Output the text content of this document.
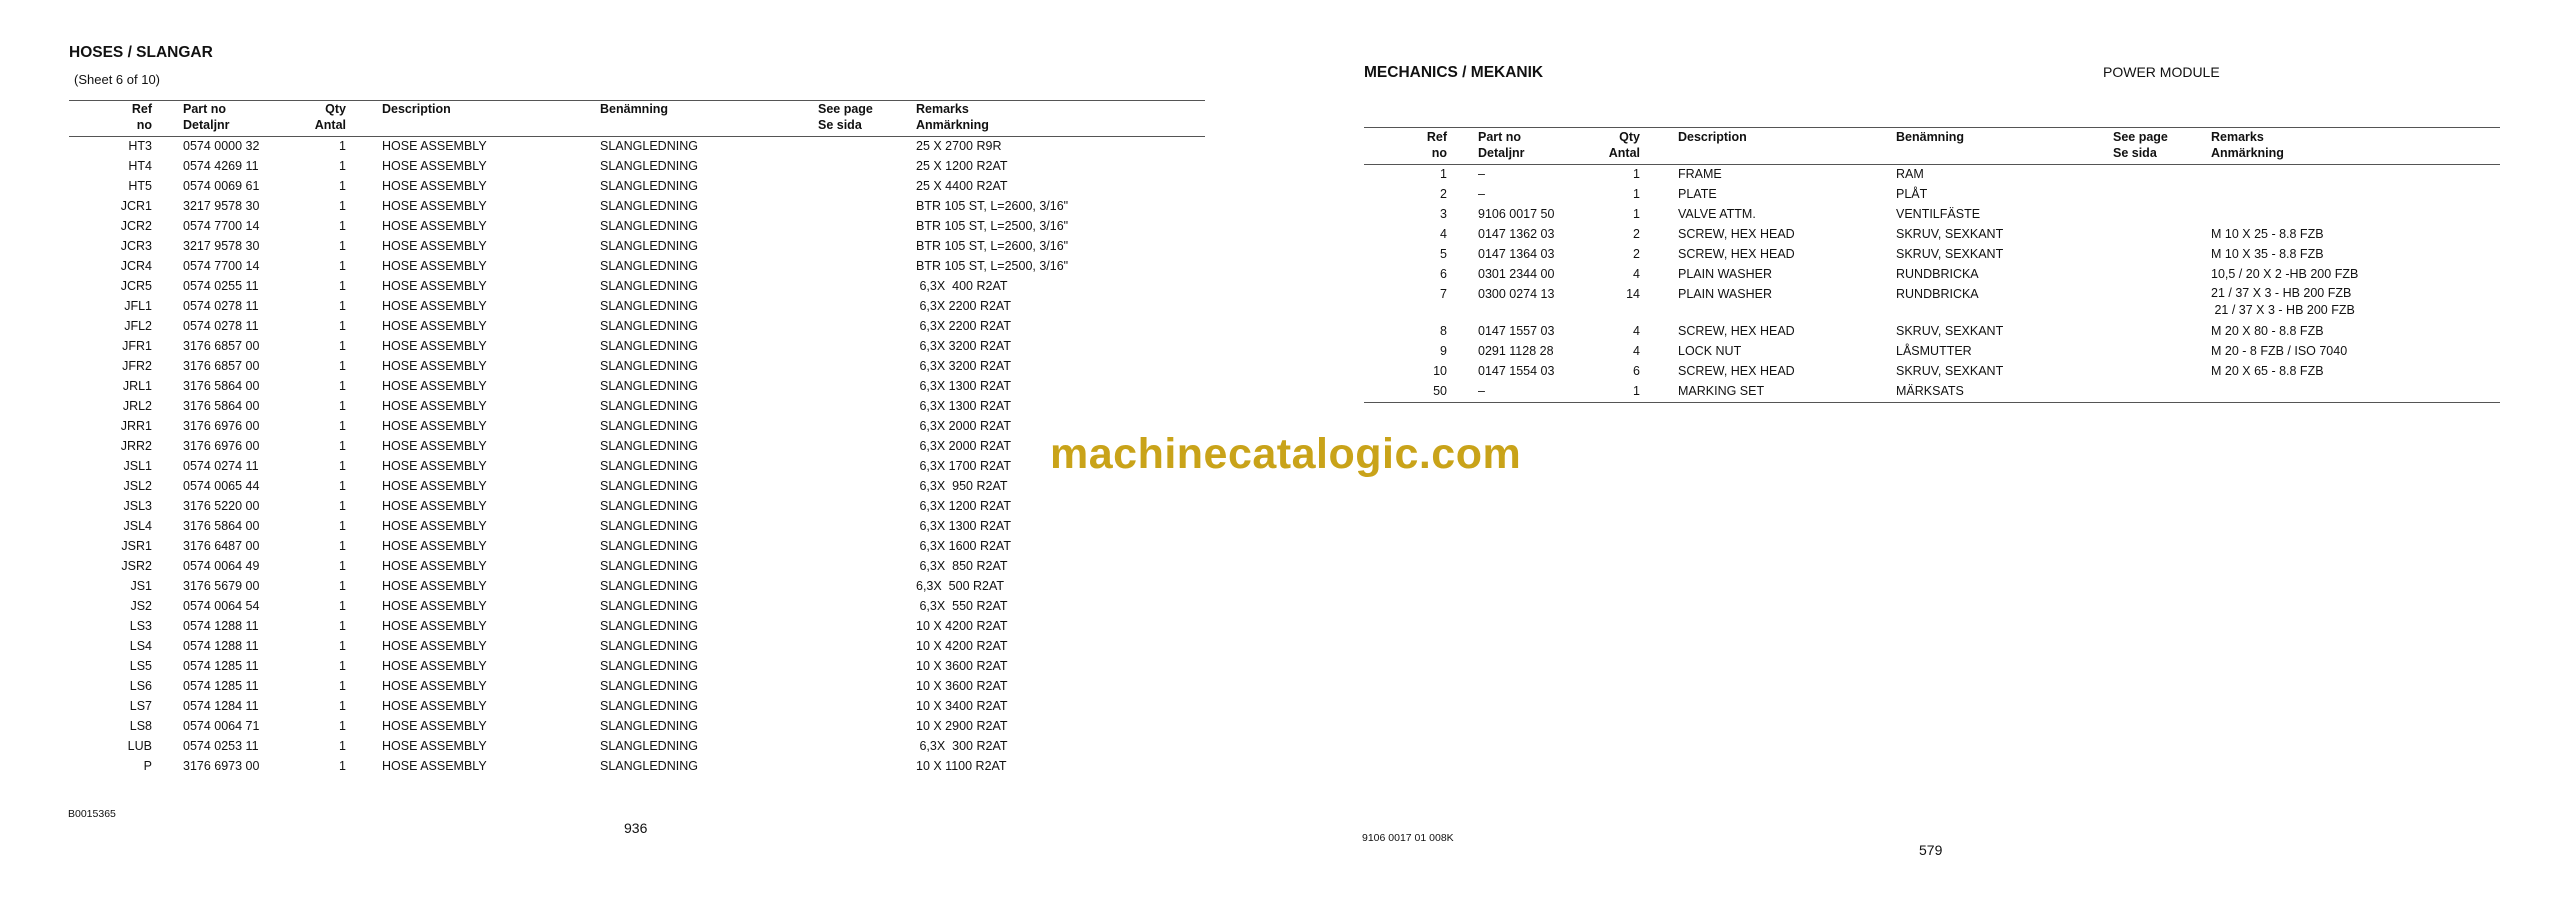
HOSES / SLANGAR
(Sheet 6 of 10)
Ref
no
Part no
Detaljnr
Qty
Antal
Description	Benämning	See page
Se sida
Remarks
Anmärkning
HT3 0574 0000 32	1	HOSE ASSEMBLY	SLANGLEDNING	25 X 2700 R9R
HT4 0574 4269 11	1	HOSE ASSEMBLY	SLANGLEDNING	25 X 1200 R2AT
HT5 0574 0069 61	1	HOSE ASSEMBLY	SLANGLEDNING	25 X 4400 R2AT
JCR1 3217 9578 30	1	HOSE ASSEMBLY	SLANGLEDNING	BTR 105 ST, L=2600, 3/16"
JCR2 0574 7700 14	1	HOSE ASSEMBLY	SLANGLEDNING	BTR 105 ST, L=2500, 3/16"
JCR3 3217 9578 30	1	HOSE ASSEMBLY	SLANGLEDNING	BTR 105 ST, L=2600, 3/16"
JCR4 0574 7700 14	1	HOSE ASSEMBLY	SLANGLEDNING	BTR 105 ST, L=2500, 3/16"
JCR5 0574 0255 11	1	HOSE ASSEMBLY	SLANGLEDNING	6,3X  400 R2AT
JFL1 0574 0278 11	1	HOSE ASSEMBLY	SLANGLEDNING	6,3X 2200 R2AT
JFL2 0574 0278 11	1	HOSE ASSEMBLY	SLANGLEDNING	6,3X 2200 R2AT
JFR1 3176 6857 00	1	HOSE ASSEMBLY	SLANGLEDNING	6,3X 3200 R2AT
JFR2 3176 6857 00	1	HOSE ASSEMBLY	SLANGLEDNING	6,3X 3200 R2AT
JRL1 3176 5864 00	1	HOSE ASSEMBLY	SLANGLEDNING	6,3X 1300 R2AT
JRL2 3176 5864 00	1	HOSE ASSEMBLY	SLANGLEDNING	6,3X 1300 R2AT
JRR1 3176 6976 00	1	HOSE ASSEMBLY	SLANGLEDNING	6,3X 2000 R2AT
JRR2 3176 6976 00	1	HOSE ASSEMBLY	SLANGLEDNING	6,3X 2000 R2AT
JSL1 0574 0274 11	1	HOSE ASSEMBLY	SLANGLEDNING	6,3X 1700 R2AT
JSL2 0574 0065 44	1	HOSE ASSEMBLY	SLANGLEDNING	6,3X  950 R2AT
JSL3 3176 5220 00	1	HOSE ASSEMBLY	SLANGLEDNING	6,3X 1200 R2AT
JSL4 3176 5864 00	1	HOSE ASSEMBLY	SLANGLEDNING	6,3X 1300 R2AT
JSR1 3176 6487 00	1	HOSE ASSEMBLY	SLANGLEDNING	6,3X 1600 R2AT
JSR2 0574 0064 49	1	HOSE ASSEMBLY	SLANGLEDNING	6,3X  850 R2AT
JS1 3176 5679 00	1	HOSE ASSEMBLY	SLANGLEDNING	6,3X  500 R2AT
JS2 0574 0064 54	1	HOSE ASSEMBLY	SLANGLEDNING	6,3X  550 R2AT
LS3 0574 1288 11	1	HOSE ASSEMBLY	SLANGLEDNING	10 X 4200 R2AT
LS4 0574 1288 11	1	HOSE ASSEMBLY	SLANGLEDNING	10 X 4200 R2AT
LS5 0574 1285 11	1	HOSE ASSEMBLY	SLANGLEDNING	10 X 3600 R2AT
LS6 0574 1285 11	1	HOSE ASSEMBLY	SLANGLEDNING	10 X 3600 R2AT
LS7 0574 1284 11	1	HOSE ASSEMBLY	SLANGLEDNING	10 X 3400 R2AT
LS8 0574 0064 71	1	HOSE ASSEMBLY	SLANGLEDNING	10 X 2900 R2AT
LUB 0574 0253 11	1	HOSE ASSEMBLY	SLANGLEDNING	6,3X  300 R2AT
P 3176 6973 00	1	HOSE ASSEMBLY	SLANGLEDNING	10 X 1100 R2AT
B0015365
936
MECHANICS / MEKANIK	POWER MODULE
Ref
no
Part no
Detaljnr
Qty
Antal
Description	Benämning	See page
Se sida
Remarks
Anmärkning
1 –	1	FRAME	RAM
2 –	1	PLATE	PLÅT
3 9106 0017 50	1	VALVE ATTM.	VENTILFÄSTE
4 0147 1362 03	2	SCREW, HEX HEAD	SKRUV, SEXKANT	M 10 X 25 - 8.8 FZB
5 0147 1364 03	2	SCREW, HEX HEAD	SKRUV, SEXKANT	M 10 X 35 - 8.8 FZB
6 0301 2344 00	4	PLAIN WASHER	RUNDBRICKA	10,5 / 20 X 2 -HB 200 FZB
7 0300 0274 13	14	PLAIN WASHER	RUNDBRICKA	21 / 37 X 3 - HB 200 FZB
21 / 37 X 3 - HB 200 FZB
8 0147 1557 03	4	SCREW, HEX HEAD	SKRUV, SEXKANT	M 20 X 80 - 8.8 FZB
9 0291 1128 28	4	LOCK NUT	LÅSMUTTER	M 20 - 8 FZB / ISO 7040
10 0147 1554 03	6	SCREW, HEX HEAD	SKRUV, SEXKANT	M 20 X 65 - 8.8 FZB
50 –	1	MARKING SET	MÄRKSATS
9106 0017 01 008K
579
machinecatalogic.com
